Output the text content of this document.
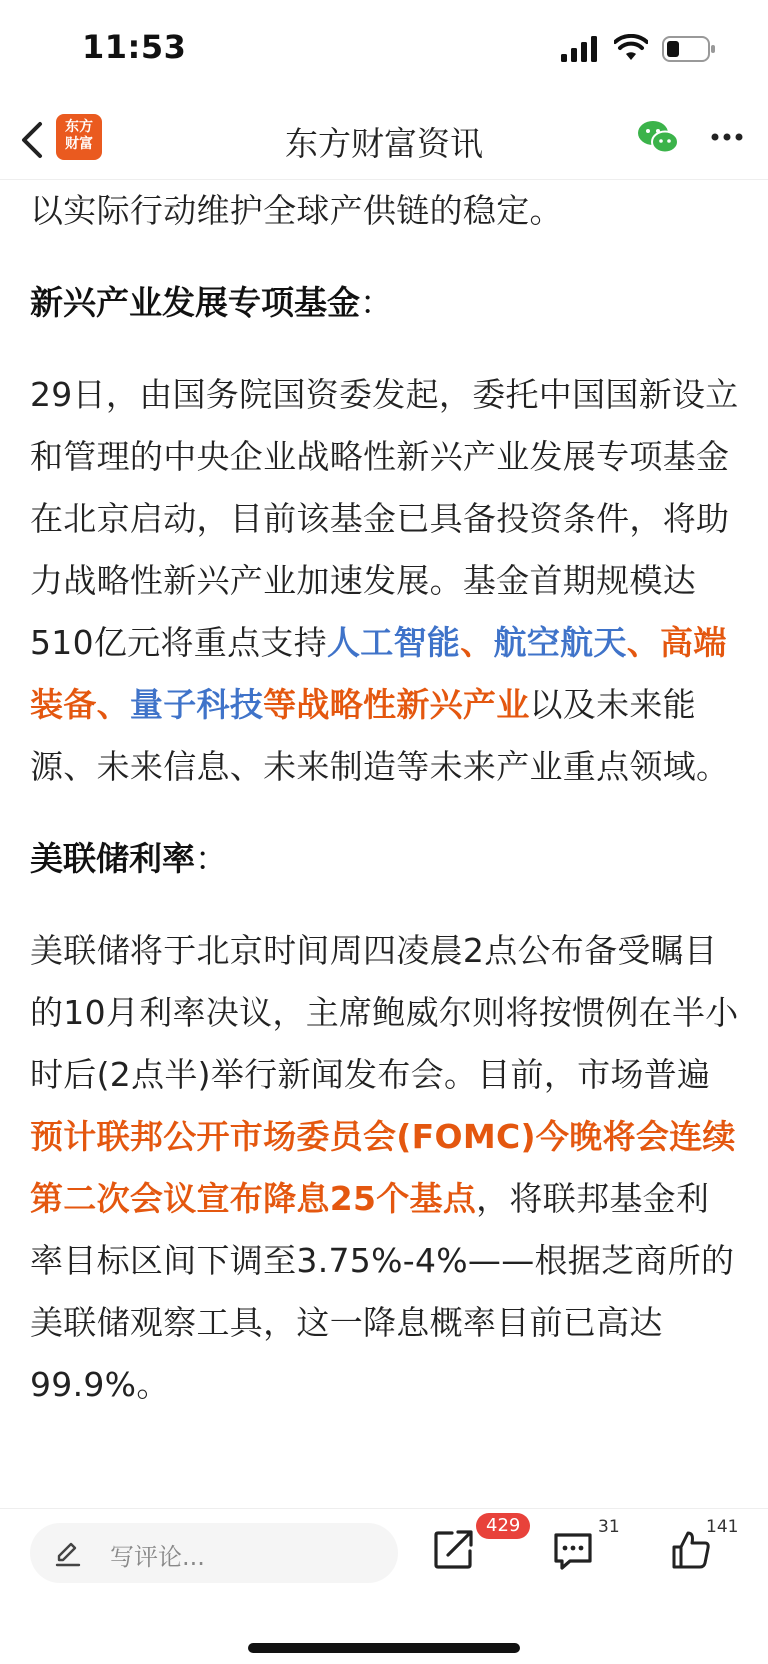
11:53
东方
财富	东方财富资讯

以实际行动维护全球产供链的稳定。

新兴产业发展专项基金：

29日，由国务院国资委发起，委托中国国新设立和管理的中央企业战略性新兴产业发展专项基金在北京启动，目前该基金已具备投资条件，将助力战略性新兴产业加速发展。基金首期规模达510亿元将重点支持人工智能、航空航天、高端装备、量子科技等战略性新兴产业以及未来能源、未来信息、未来制造等未来产业重点领域。

美联储利率：

美联储将于北京时间周四凌晨2点公布备受瞩目的10月利率决议，主席鲍威尔则将按惯例在半小时后(2点半)举行新闻发布会。目前，市场普遍预计联邦公开市场委员会(FOMC)今晚将会连续第二次会议宣布降息25个基点，将联邦基金利率目标区间下调至3.75%-4%——根据芝商所的美联储观察工具，这一降息概率目前已高达99.9%。

写评论...
429	31	141
